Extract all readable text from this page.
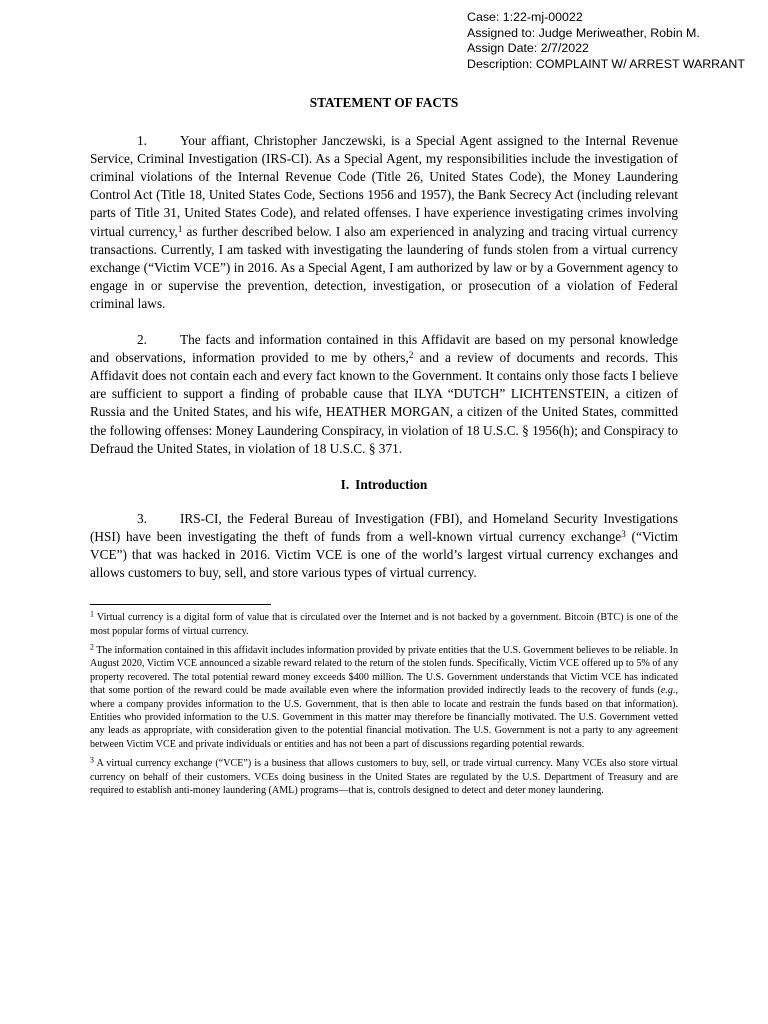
Case: 1:22-mj-00022
Assigned to: Judge Meriweather, Robin M.
Assign Date: 2/7/2022
Description: COMPLAINT W/ ARREST WARRANT

STATEMENT OF FACTS

1. Your affiant, Christopher Janczewski, is a Special Agent assigned to the Internal Revenue Service, Criminal Investigation (IRS-CI). As a Special Agent, my responsibilities include the investigation of criminal violations of the Internal Revenue Code (Title 26, United States Code), the Money Laundering Control Act (Title 18, United States Code, Sections 1956 and 1957), the Bank Secrecy Act (including relevant parts of Title 31, United States Code), and related offenses. I have experience investigating crimes involving virtual currency,$^1$ as further described below. I also am experienced in analyzing and tracing virtual currency transactions. Currently, I am tasked with investigating the laundering of funds stolen from a virtual currency exchange (“Victim VCE”) in 2016. As a Special Agent, I am authorized by law or by a Government agency to engage in or supervise the prevention, detection, investigation, or prosecution of a violation of Federal criminal laws.

2. The facts and information contained in this Affidavit are based on my personal knowledge and observations, information provided to me by others,$^2$ and a review of documents and records. This Affidavit does not contain each and every fact known to the Government. It contains only those facts I believe are sufficient to support a finding of probable cause that ILYA “DUTCH” LICHTENSTEIN, a citizen of Russia and the United States, and his wife, HEATHER MORGAN, a citizen of the United States, committed the following offenses: Money Laundering Conspiracy, in violation of 18 U.S.C. § 1956(h); and Conspiracy to Defraud the United States, in violation of 18 U.S.C. § 371.

I. Introduction

3. IRS-CI, the Federal Bureau of Investigation (FBI), and Homeland Security Investigations (HSI) have been investigating the theft of funds from a well-known virtual currency exchange$^3$ (“Victim VCE”) that was hacked in 2016. Victim VCE is one of the world’s largest virtual currency exchanges and allows customers to buy, sell, and store various types of virtual currency.

$^1$ Virtual currency is a digital form of value that is circulated over the Internet and is not backed by a government. Bitcoin (BTC) is one of the most popular forms of virtual currency.

$^2$ The information contained in this affidavit includes information provided by private entities that the U.S. Government believes to be reliable. In August 2020, Victim VCE announced a sizable reward related to the return of the stolen funds. Specifically, Victim VCE offered up to 5% of any property recovered. The total potential reward money exceeds $400 million. The U.S. Government understands that Victim VCE has indicated that some portion of the reward could be made available even where the information provided indirectly leads to the recovery of funds (e.g., where a company provides information to the U.S. Government, that is then able to locate and restrain the funds based on that information). Entities who provided information to the U.S. Government in this matter may therefore be financially motivated. The U.S. Government vetted any leads as appropriate, with consideration given to the potential financial motivation. The U.S. Government is not a party to any agreement between Victim VCE and private individuals or entities and has not been a part of discussions regarding potential rewards.

$^3$ A virtual currency exchange (“VCE”) is a business that allows customers to buy, sell, or trade virtual currency. Many VCEs also store virtual currency on behalf of their customers. VCEs doing business in the United States are regulated by the U.S. Department of Treasury and are required to establish anti-money laundering (AML) programs—that is, controls designed to detect and deter money laundering.
